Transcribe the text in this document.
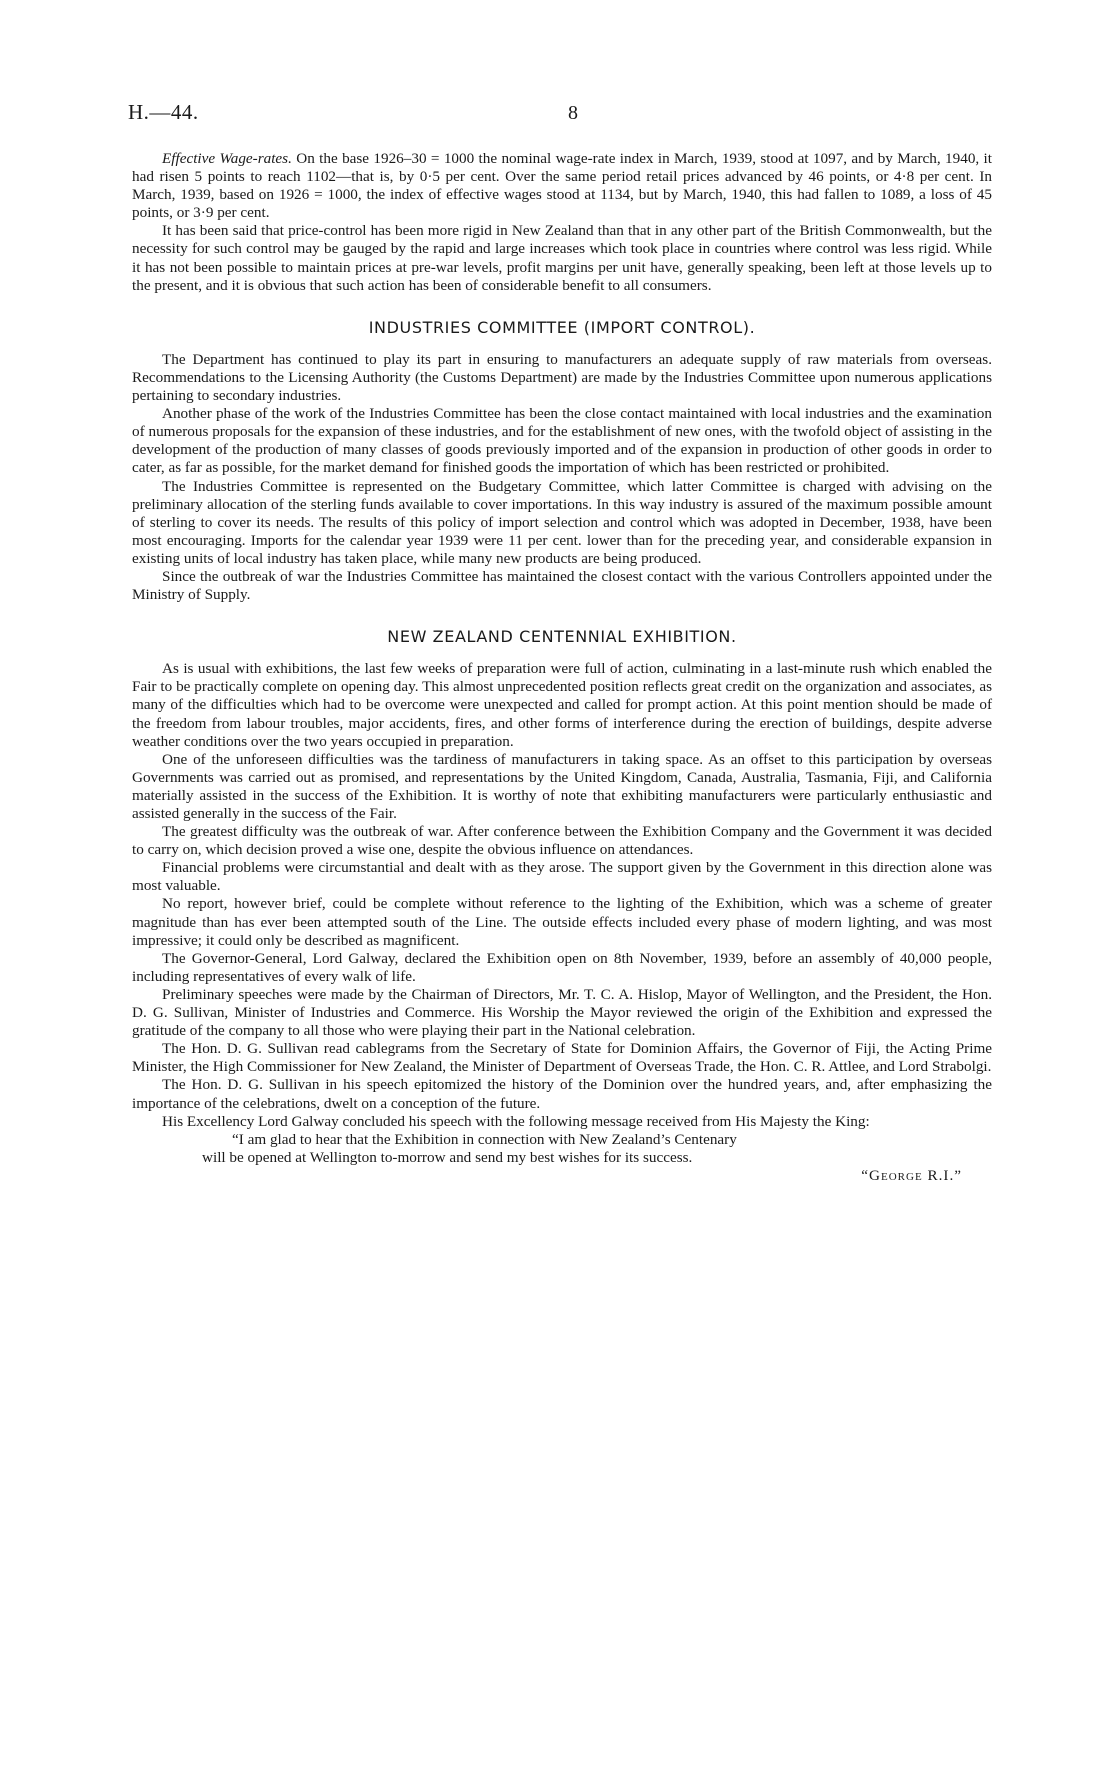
H.—44.	8

Effective Wage-rates. On the base 1926–30 = 1000 the nominal wage-rate index in March, 1939, stood at 1097, and by March, 1940, it had risen 5 points to reach 1102—that is, by 0·5 per cent. Over the same period retail prices advanced by 46 points, or 4·8 per cent. In March, 1939, based on 1926 = 1000, the index of effective wages stood at 1134, but by March, 1940, this had fallen to 1089, a loss of 45 points, or 3·9 per cent.

It has been said that price-control has been more rigid in New Zealand than that in any other part of the British Commonwealth, but the necessity for such control may be gauged by the rapid and large increases which took place in countries where control was less rigid. While it has not been possible to maintain prices at pre-war levels, profit margins per unit have, generally speaking, been left at those levels up to the present, and it is obvious that such action has been of considerable benefit to all consumers.

INDUSTRIES COMMITTEE (IMPORT CONTROL).

The Department has continued to play its part in ensuring to manufacturers an adequate supply of raw materials from overseas. Recommendations to the Licensing Authority (the Customs Department) are made by the Industries Committee upon numerous applications pertaining to secondary industries.

Another phase of the work of the Industries Committee has been the close contact maintained with local industries and the examination of numerous proposals for the expansion of these industries, and for the establishment of new ones, with the twofold object of assisting in the development of the production of many classes of goods previously imported and of the expansion in production of other goods in order to cater, as far as possible, for the market demand for finished goods the importation of which has been restricted or prohibited.

The Industries Committee is represented on the Budgetary Committee, which latter Committee is charged with advising on the preliminary allocation of the sterling funds available to cover importations. In this way industry is assured of the maximum possible amount of sterling to cover its needs. The results of this policy of import selection and control which was adopted in December, 1938, have been most encouraging. Imports for the calendar year 1939 were 11 per cent. lower than for the preceding year, and considerable expansion in existing units of local industry has taken place, while many new products are being produced.

Since the outbreak of war the Industries Committee has maintained the closest contact with the various Controllers appointed under the Ministry of Supply.

NEW ZEALAND CENTENNIAL EXHIBITION.

As is usual with exhibitions, the last few weeks of preparation were full of action, culminating in a last-minute rush which enabled the Fair to be practically complete on opening day. This almost unprecedented position reflects great credit on the organization and associates, as many of the difficulties which had to be overcome were unexpected and called for prompt action. At this point mention should be made of the freedom from labour troubles, major accidents, fires, and other forms of interference during the erection of buildings, despite adverse weather conditions over the two years occupied in preparation.

One of the unforeseen difficulties was the tardiness of manufacturers in taking space. As an offset to this participation by overseas Governments was carried out as promised, and representations by the United Kingdom, Canada, Australia, Tasmania, Fiji, and California materially assisted in the success of the Exhibition. It is worthy of note that exhibiting manufacturers were particularly enthusiastic and assisted generally in the success of the Fair.

The greatest difficulty was the outbreak of war. After conference between the Exhibition Company and the Government it was decided to carry on, which decision proved a wise one, despite the obvious influence on attendances.

Financial problems were circumstantial and dealt with as they arose. The support given by the Government in this direction alone was most valuable.

No report, however brief, could be complete without reference to the lighting of the Exhibition, which was a scheme of greater magnitude than has ever been attempted south of the Line. The outside effects included every phase of modern lighting, and was most impressive; it could only be described as magnificent.

The Governor-General, Lord Galway, declared the Exhibition open on 8th November, 1939, before an assembly of 40,000 people, including representatives of every walk of life.

Preliminary speeches were made by the Chairman of Directors, Mr. T. C. A. Hislop, Mayor of Wellington, and the President, the Hon. D. G. Sullivan, Minister of Industries and Commerce. His Worship the Mayor reviewed the origin of the Exhibition and expressed the gratitude of the company to all those who were playing their part in the National celebration.

The Hon. D. G. Sullivan read cablegrams from the Secretary of State for Dominion Affairs, the Governor of Fiji, the Acting Prime Minister, the High Commissioner for New Zealand, the Minister of Department of Overseas Trade, the Hon. C. R. Attlee, and Lord Strabolgi.

The Hon. D. G. Sullivan in his speech epitomized the history of the Dominion over the hundred years, and, after emphasizing the importance of the celebrations, dwelt on a conception of the future.

His Excellency Lord Galway concluded his speech with the following message received from His Majesty the King:

“I am glad to hear that the Exhibition in connection with New Zealand’s Centenary
will be opened at Wellington to-morrow and send my best wishes for its success.

“George R.I.”
